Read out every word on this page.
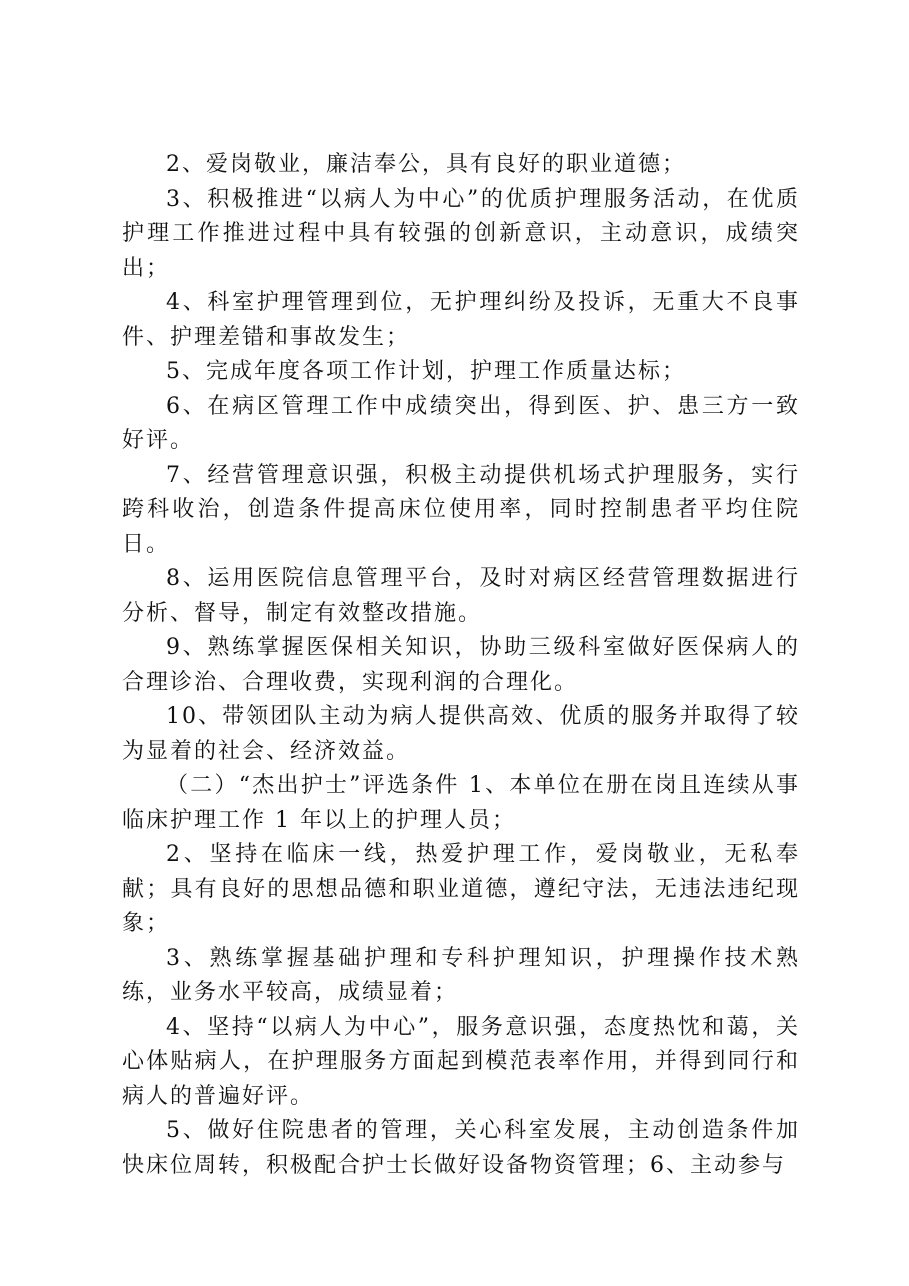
2、爱岗敬业，廉洁奉公，具有良好的职业道德；

3、积极推进“以病人为中心”的优质护理服务活动，在优质护理工作推进过程中具有较强的创新意识，主动意识，成绩突出；

4、科室护理管理到位，无护理纠纷及投诉，无重大不良事件、护理差错和事故发生；

5、完成年度各项工作计划，护理工作质量达标；

6、在病区管理工作中成绩突出，得到医、护、患三方一致好评。

7、经营管理意识强，积极主动提供机场式护理服务，实行跨科收治，创造条件提高床位使用率，同时控制患者平均住院日。

8、运用医院信息管理平台，及时对病区经营管理数据进行分析、督导，制定有效整改措施。

9、熟练掌握医保相关知识，协助三级科室做好医保病人的合理诊治、合理收费，实现利润的合理化。

10、带领团队主动为病人提供高效、优质的服务并取得了较为显着的社会、经济效益。

（二）“杰出护士”评选条件 1、本单位在册在岗且连续从事临床护理工作 1 年以上的护理人员；

2、坚持在临床一线，热爱护理工作，爱岗敬业，无私奉献；具有良好的思想品德和职业道德，遵纪守法，无违法违纪现象；

3、熟练掌握基础护理和专科护理知识，护理操作技术熟练，业务水平较高，成绩显着；

4、坚持“以病人为中心”，服务意识强，态度热忱和蔼，关心体贴病人，在护理服务方面起到模范表率作用，并得到同行和病人的普遍好评。

5、做好住院患者的管理，关心科室发展，主动创造条件加快床位周转，积极配合护士长做好设备物资管理；6、主动参与
